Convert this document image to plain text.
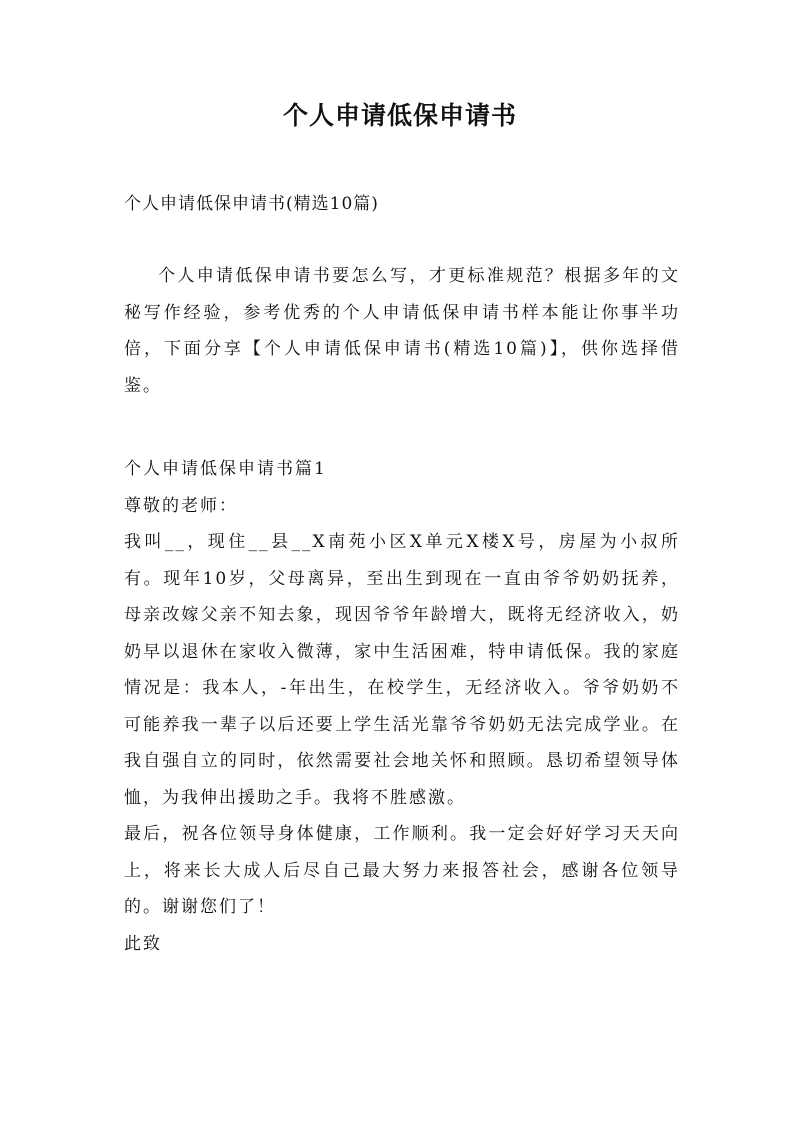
个人申请低保申请书
个人申请低保申请书(精选10篇)

个人申请低保申请书要怎么写，才更标准规范？根据多年的文秘写作经验，参考优秀的个人申请低保申请书样本能让你事半功倍，下面分享【个人申请低保申请书(精选10篇)】，供你选择借鉴。

个人申请低保申请书篇1

尊敬的老师：

我叫__，现住__县__X南苑小区X单元X楼X号，房屋为小叔所有。现年10岁，父母离异，至出生到现在一直由爷爷奶奶抚养，母亲改嫁父亲不知去象，现因爷爷年龄增大，既将无经济收入，奶奶早以退休在家收入微薄，家中生活困难，特申请低保。我的家庭情况是：我本人，-年出生，在校学生，无经济收入。爷爷奶奶不可能养我一辈子以后还要上学生活光靠爷爷奶奶无法完成学业。在我自强自立的同时，依然需要社会地关怀和照顾。恳切希望领导体恤，为我伸出援助之手。我将不胜感激。

最后，祝各位领导身体健康，工作顺利。我一定会好好学习天天向上，将来长大成人后尽自己最大努力来报答社会，感谢各位领导的。谢谢您们了！

此致
